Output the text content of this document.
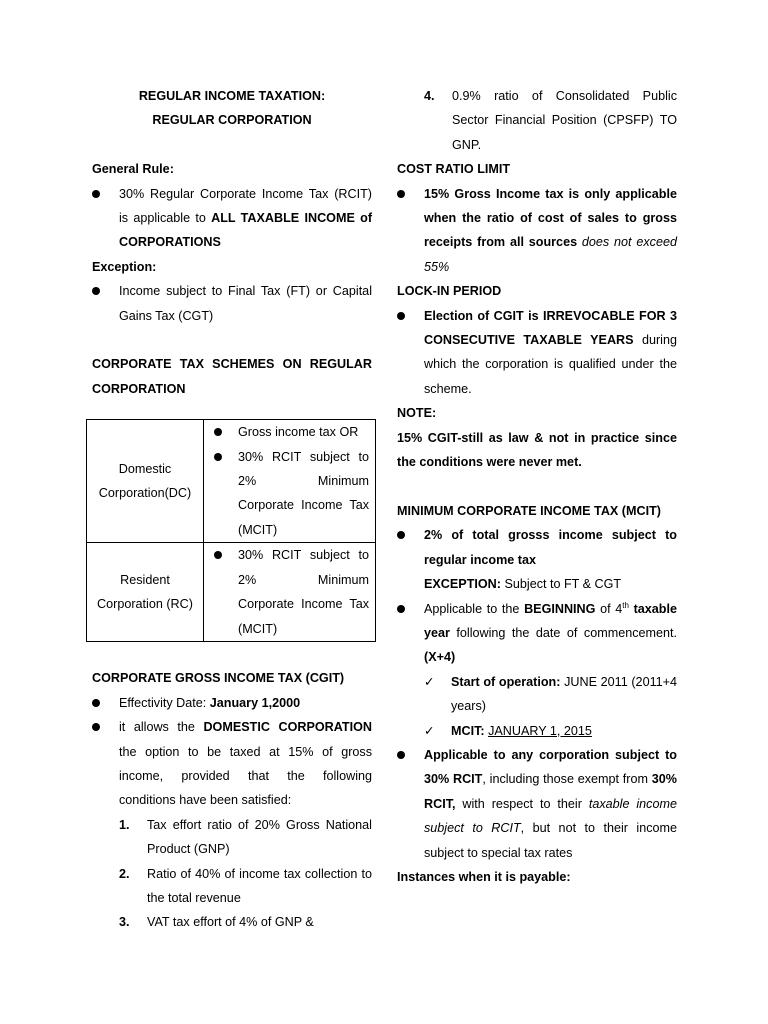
REGULAR INCOME TAXATION:
REGULAR CORPORATION
General Rule:
30% Regular Corporate Income Tax (RCIT) is applicable to ALL TAXABLE INCOME of CORPORATIONS
Exception:
Income subject to Final Tax (FT) or Capital Gains Tax (CGT)
CORPORATE TAX SCHEMES ON REGULAR CORPORATION
Domestic Corporation(DC)	Gross income tax OR
30% RCIT subject to 2% Minimum Corporate Income Tax (MCIT)

Resident Corporation (RC)	30% RCIT subject to 2% Minimum Corporate Income Tax (MCIT)
CORPORATE GROSS INCOME TAX (CGIT)
Effectivity Date: January 1,2000
it allows the DOMESTIC CORPORATION the option to be taxed at 15% of gross income, provided that the following conditions have been satisfied:
1. Tax effort ratio of 20% Gross National Product (GNP)
2. Ratio of 40% of income tax collection to the total revenue
3. VAT tax effort of 4% of GNP &
4.	0.9% ratio of Consolidated Public Sector Financial Position (CPSFP) TO GNP.
COST RATIO LIMIT
15% Gross Income tax is only applicable when the ratio of cost of sales to gross receipts from all sources does not exceed 55%
LOCK-IN PERIOD
Election of CGIT is IRREVOCABLE FOR 3 CONSECUTIVE TAXABLE YEARS during which the corporation is qualified under the scheme.
NOTE:
15% CGIT-still as law & not in practice since the conditions were never met.
MINIMUM CORPORATE INCOME TAX (MCIT)
2% of total grosss income subject to regular income tax
EXCEPTION: Subject to FT & CGT
Applicable to the BEGINNING of 4th taxable year following the date of commencement. (X+4)
✓ Start of operation: JUNE 2011 (2011+4 years)
✓ MCIT: JANUARY 1, 2015
Applicable to any corporation subject to 30% RCIT, including those exempt from 30% RCIT, with respect to their taxable income subject to RCIT, but not to their income subject to special tax rates
Instances when it is payable:
